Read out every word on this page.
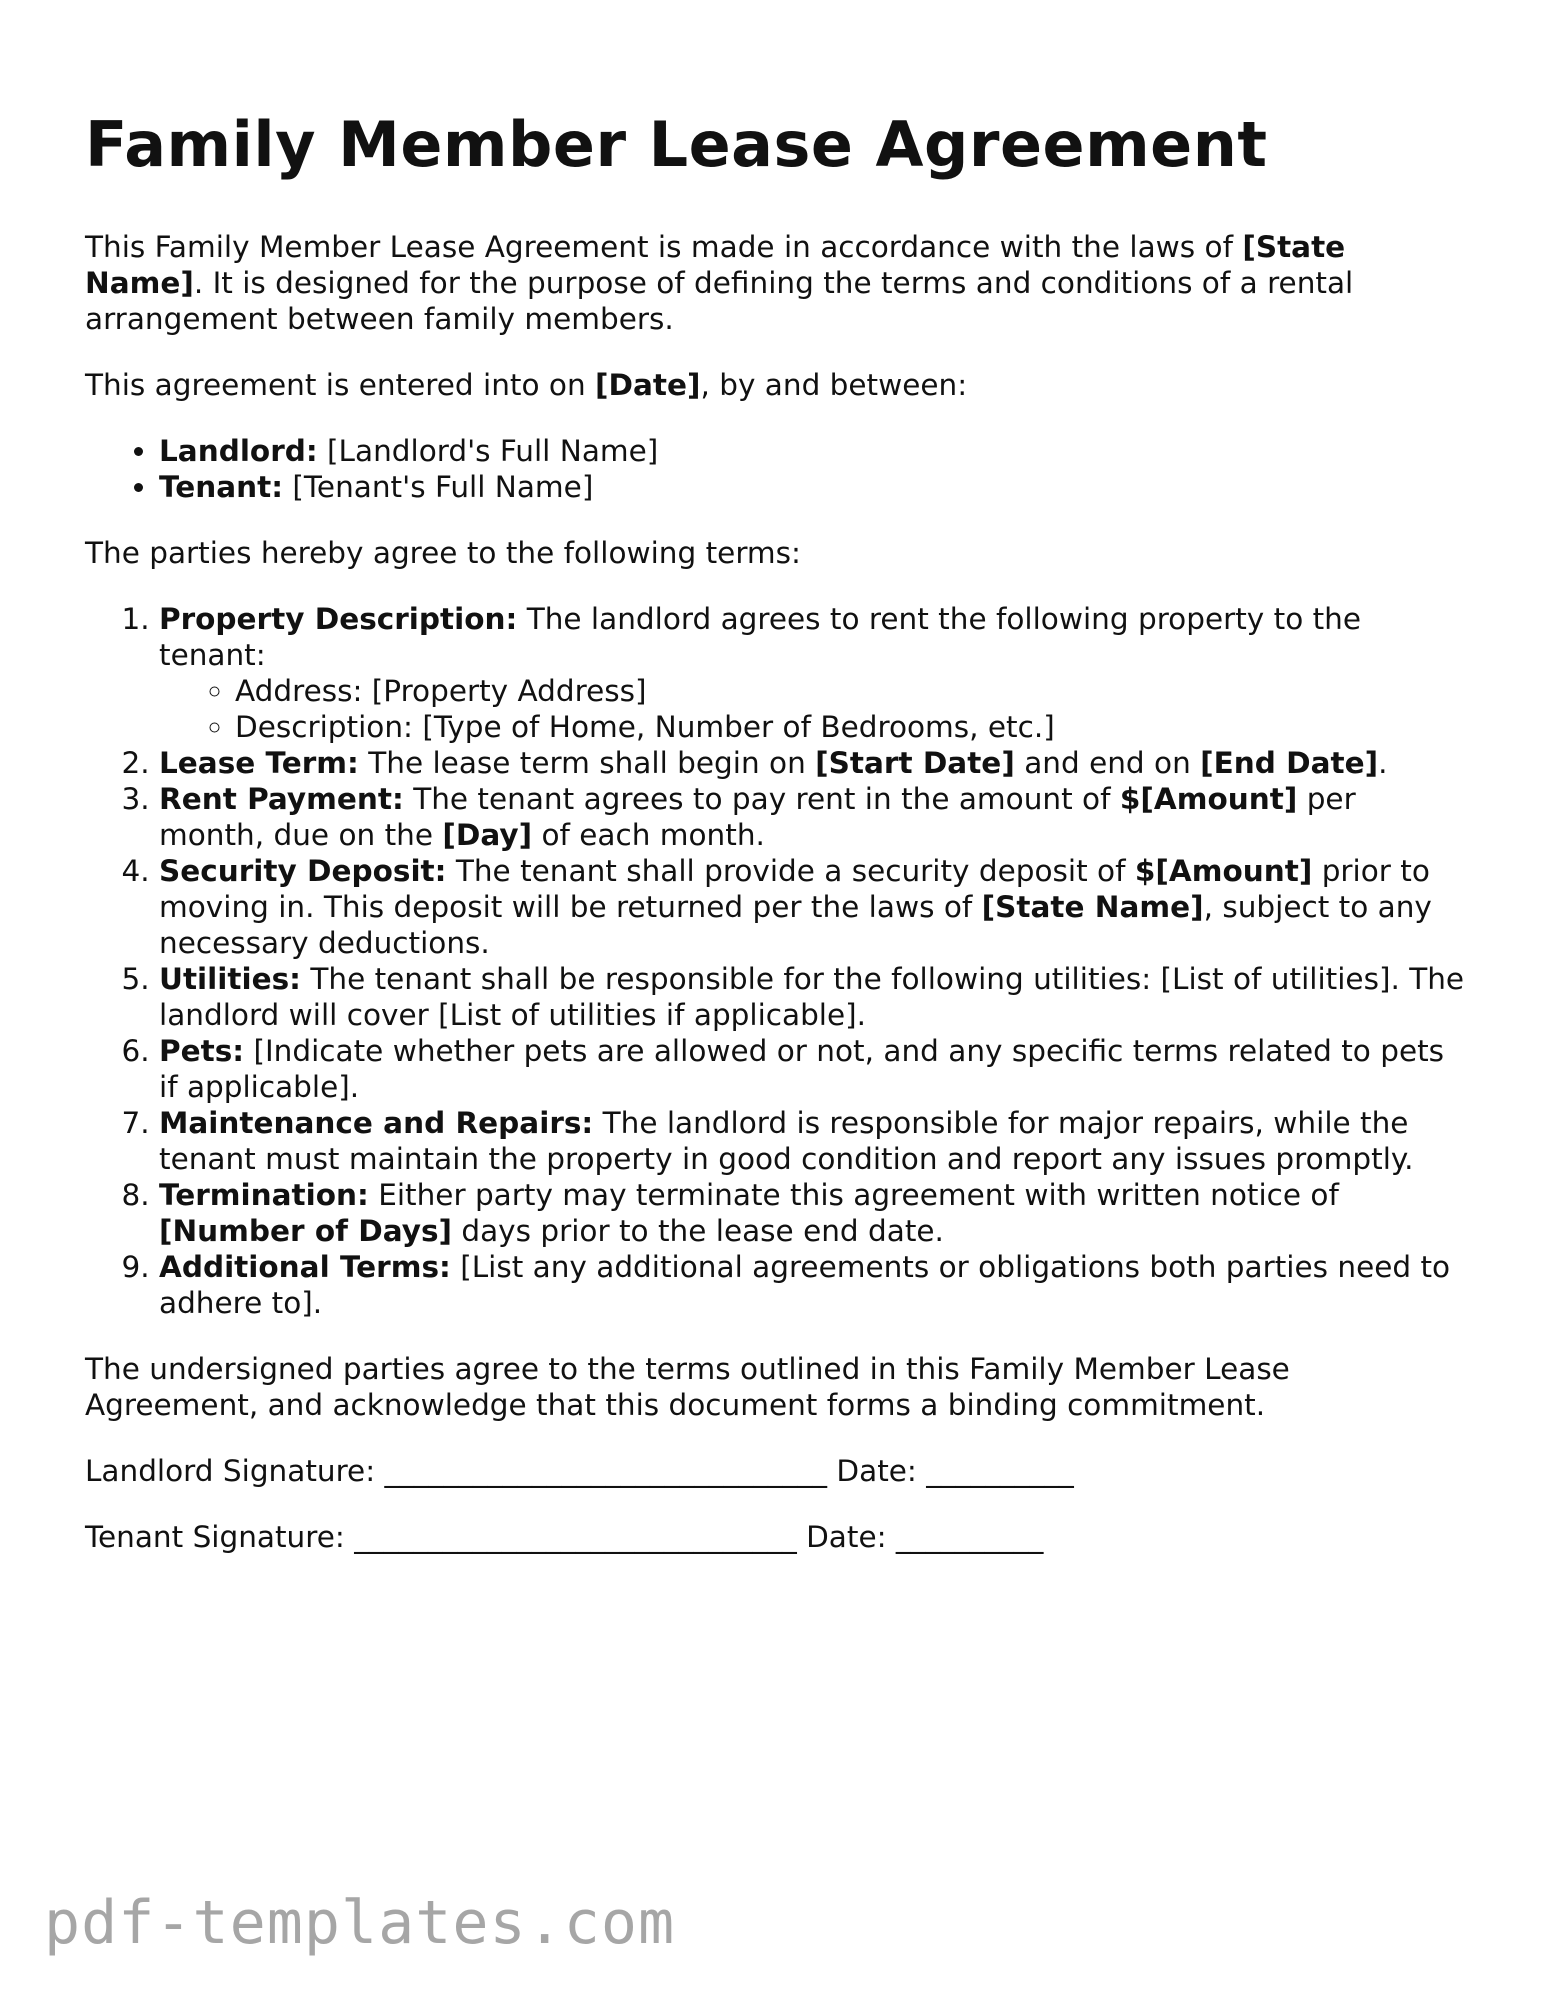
Family Member Lease Agreement

This Family Member Lease Agreement is made in accordance with the laws of [State Name]. It is designed for the purpose of defining the terms and conditions of a rental arrangement between family members.

This agreement is entered into on [Date], by and between:

• Landlord: [Landlord's Full Name]
• Tenant: [Tenant's Full Name]

The parties hereby agree to the following terms:

1. Property Description: The landlord agrees to rent the following property to the tenant:
◦ Address: [Property Address]
◦ Description: [Type of Home, Number of Bedrooms, etc.]
2. Lease Term: The lease term shall begin on [Start Date] and end on [End Date].
3. Rent Payment: The tenant agrees to pay rent in the amount of $[Amount] per month, due on the [Day] of each month.
4. Security Deposit: The tenant shall provide a security deposit of $[Amount] prior to moving in. This deposit will be returned per the laws of [State Name], subject to any necessary deductions.
5. Utilities: The tenant shall be responsible for the following utilities: [List of utilities]. The landlord will cover [List of utilities if applicable].
6. Pets: [Indicate whether pets are allowed or not, and any specific terms related to pets if applicable].
7. Maintenance and Repairs: The landlord is responsible for major repairs, while the tenant must maintain the property in good condition and report any issues promptly.
8. Termination: Either party may terminate this agreement with written notice of [Number of Days] days prior to the lease end date.
9. Additional Terms: [List any additional agreements or obligations both parties need to adhere to].

The undersigned parties agree to the terms outlined in this Family Member Lease Agreement, and acknowledge that this document forms a binding commitment.

Landlord Signature: ______________________________ Date: __________

Tenant Signature: ______________________________ Date: __________

pdf-templates.com
